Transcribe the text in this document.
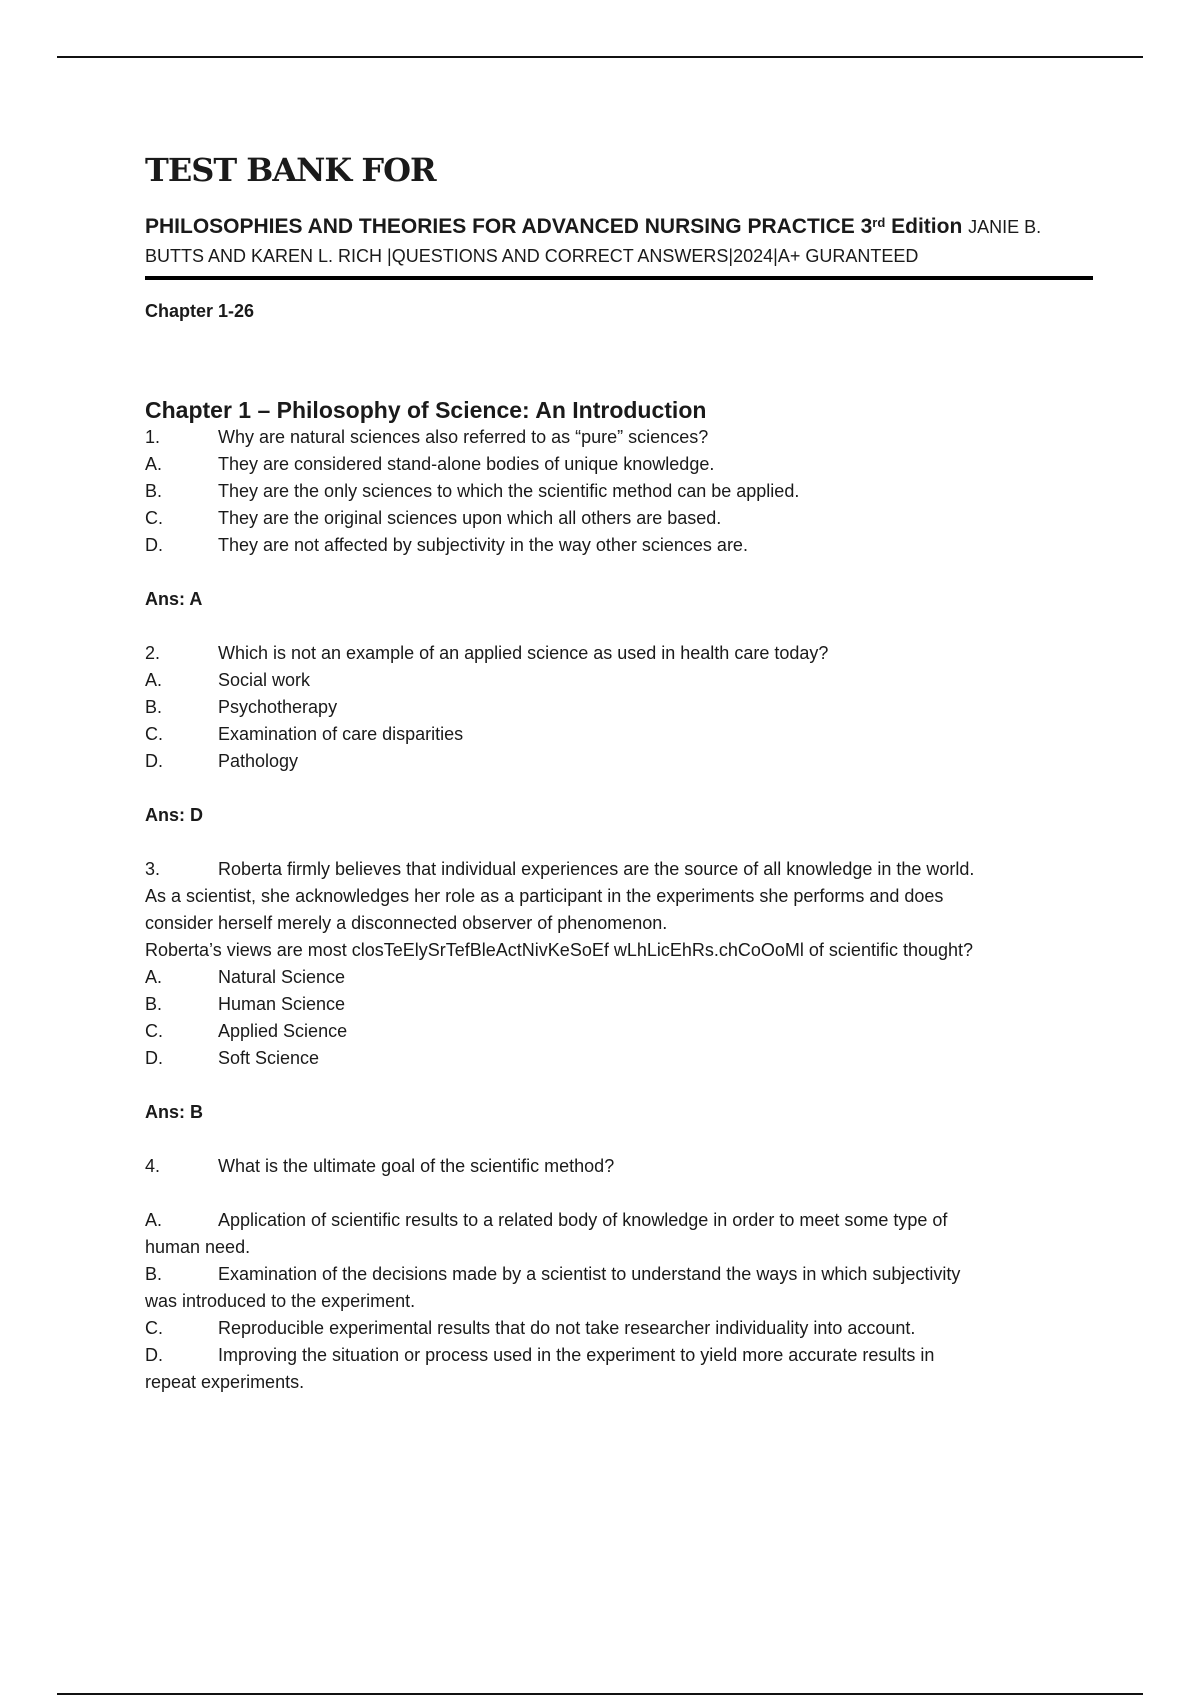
TEST BANK FOR
PHILOSOPHIES AND THEORIES FOR ADVANCED NURSING PRACTICE 3rd Edition JANIE B.
BUTTS AND KAREN L. RICH |QUESTIONS AND CORRECT ANSWERS|2024|A+ GURANTEED
Chapter 1-26
Chapter 1 – Philosophy of Science: An Introduction
1.	Why are natural sciences also referred to as “pure” sciences?
A.	They are considered stand-alone bodies of unique knowledge.
B.	They are the only sciences to which the scientific method can be applied.
C.	They are the original sciences upon which all others are based.
D.	They are not affected by subjectivity in the way other sciences are.
Ans: A
2.	Which is not an example of an applied science as used in health care today?
A.	Social work
B.	Psychotherapy
C.	Examination of care disparities
D.	Pathology
Ans: D
3.	Roberta firmly believes that individual experiences are the source of all knowledge in the world.
As a scientist, she acknowledges her role as a participant in the experiments she performs and does
consider herself merely a disconnected observer of phenomenon.
Roberta’s views are most closTeElySrTefBleActNivKeSoEf wLhLicEhRs.chCoOoMl of scientific thought?
A.	Natural Science
B.	Human Science
C.	Applied Science
D.	Soft Science
Ans: B
4.	What is the ultimate goal of the scientific method?
A.	Application of scientific results to a related body of knowledge in order to meet some type of
human need.
B.	Examination of the decisions made by a scientist to understand the ways in which subjectivity
was introduced to the experiment.
C.	Reproducible experimental results that do not take researcher individuality into account.
D.	Improving the situation or process used in the experiment to yield more accurate results in
repeat experiments.
